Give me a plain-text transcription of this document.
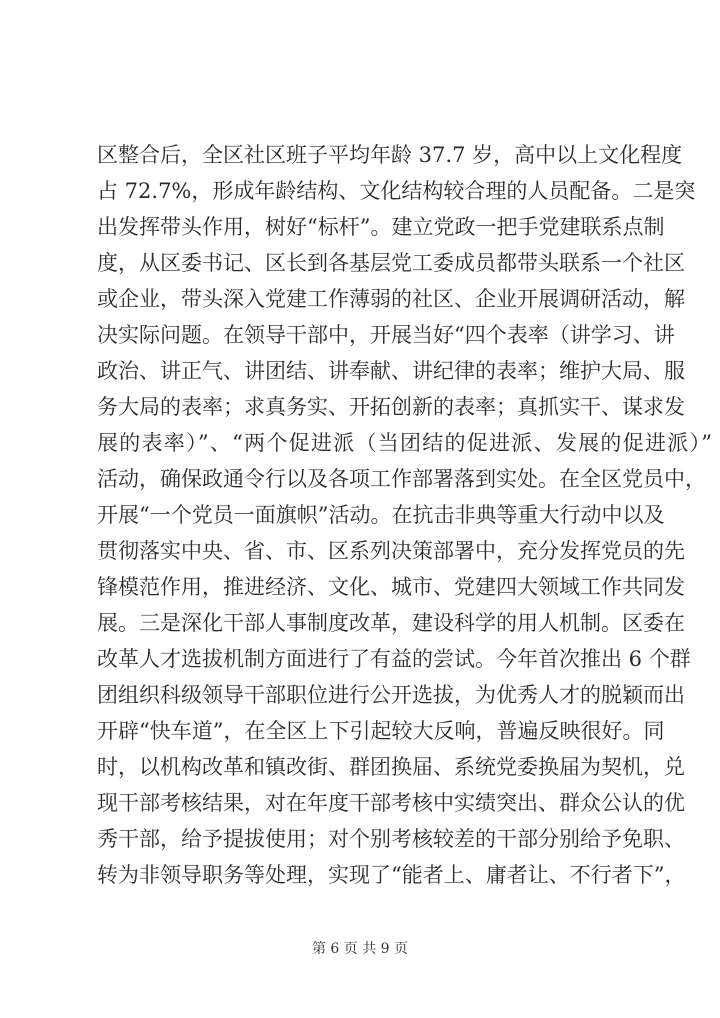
第 6 页 共 9 页
区整合后，全区社区班子平均年龄 37.7 岁，高中以上文化程度
占 72.7%，形成年龄结构、文化结构较合理的人员配备。二是突
出发挥带头作用，树好“标杆”。建立党政一把手党建联系点制
度，从区委书记、区长到各基层党工委成员都带头联系一个社区
或企业，带头深入党建工作薄弱的社区、企业开展调研活动，解
决实际问题。在领导干部中，开展当好“四个表率（讲学习、讲
政治、讲正气、讲团结、讲奉献、讲纪律的表率；维护大局、服
务大局的表率；求真务实、开拓创新的表率；真抓实干、谋求发
展的表率）”、“两个促进派（当团结的促进派、发展的促进派）”
活动，确保政通令行以及各项工作部署落到实处。在全区党员中，
开展“一个党员一面旗帜”活动。在抗击非典等重大行动中以及
贯彻落实中央、省、市、区系列决策部署中，充分发挥党员的先
锋模范作用，推进经济、文化、城市、党建四大领域工作共同发
展。三是深化干部人事制度改革，建设科学的用人机制。区委在
改革人才选拔机制方面进行了有益的尝试。今年首次推出 6 个群
团组织科级领导干部职位进行公开选拔，为优秀人才的脱颖而出
开辟“快车道”，在全区上下引起较大反响，普遍反映很好。同
时，以机构改革和镇改街、群团换届、系统党委换届为契机，兑
现干部考核结果，对在年度干部考核中实绩突出、群众公认的优
秀干部，给予提拔使用；对个别考核较差的干部分别给予免职、
转为非领导职务等处理，实现了“能者上、庸者让、不行者下”，
